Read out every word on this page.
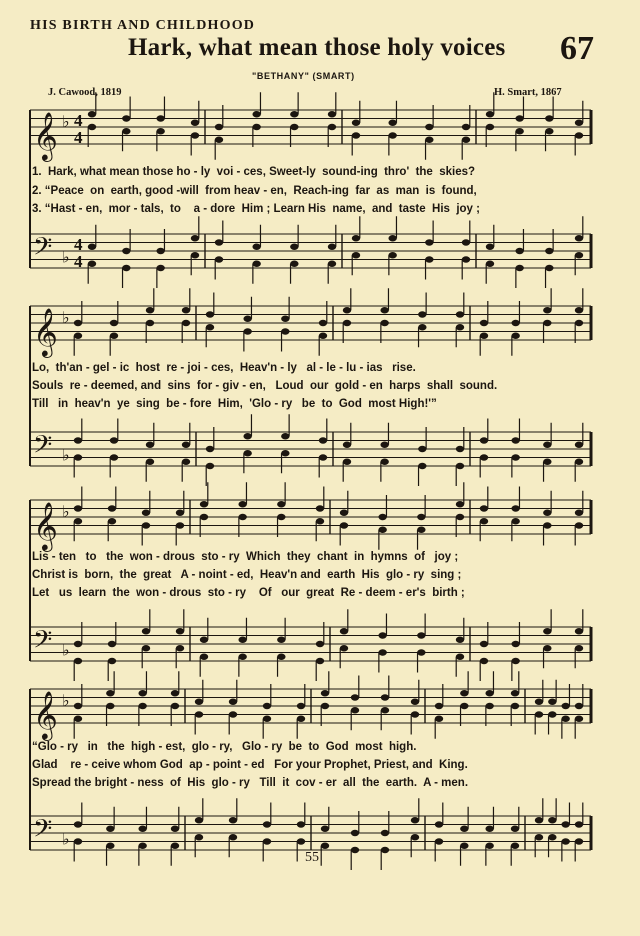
HIS BIRTH AND CHILDHOOD
Hark, what mean those holy voices 67
"BETHANY" (SMART)
J. Cawood, 1819	H. Smart, 1867
𝄞
𝄢
♭
♭
4
4
4
4
𝄞
𝄢
♭
♭
𝄞
𝄢
♭
♭
𝄞
𝄢
♭
♭
1.  Hark, what mean those ho - ly  voi - ces, Sweet-ly  sound-ing  thro'  the  skies?
2. “Peace  on  earth, good -will  from heav - en,  Reach-ing  far  as  man  is  found,
3. “Hast - en,  mor - tals,  to    a - dore  Him ; Learn His  name,  and  taste  His  joy ;
Lo,  th'an - gel - ic  host  re - joi - ces,  Heav'n - ly   al - le - lu - ias   rise.
Souls  re - deemed, and  sins  for - giv - en,   Loud  our  gold - en  harps  shall  sound.
Till   in  heav'n  ye  sing  be - fore  Him,  'Glo - ry   be  to  God  most High!'”
Lis - ten   to   the  won - drous  sto - ry  Which  they  chant  in  hymns  of   joy ;
Christ is  born,  the  great   A - noint - ed,  Heav'n and  earth  His  glo - ry  sing ;
Let   us  learn  the  won - drous  sto - ry    Of   our  great  Re - deem - er's  birth ;
“Glo - ry   in   the  high - est,  glo - ry,   Glo - ry  be  to  God  most  high.
Glad    re - ceive whom God  ap - point - ed   For your Prophet, Priest, and  King.
Spread the bright - ness  of  His  glo - ry   Till  it  cov - er  all  the  earth.  A - men.
55
